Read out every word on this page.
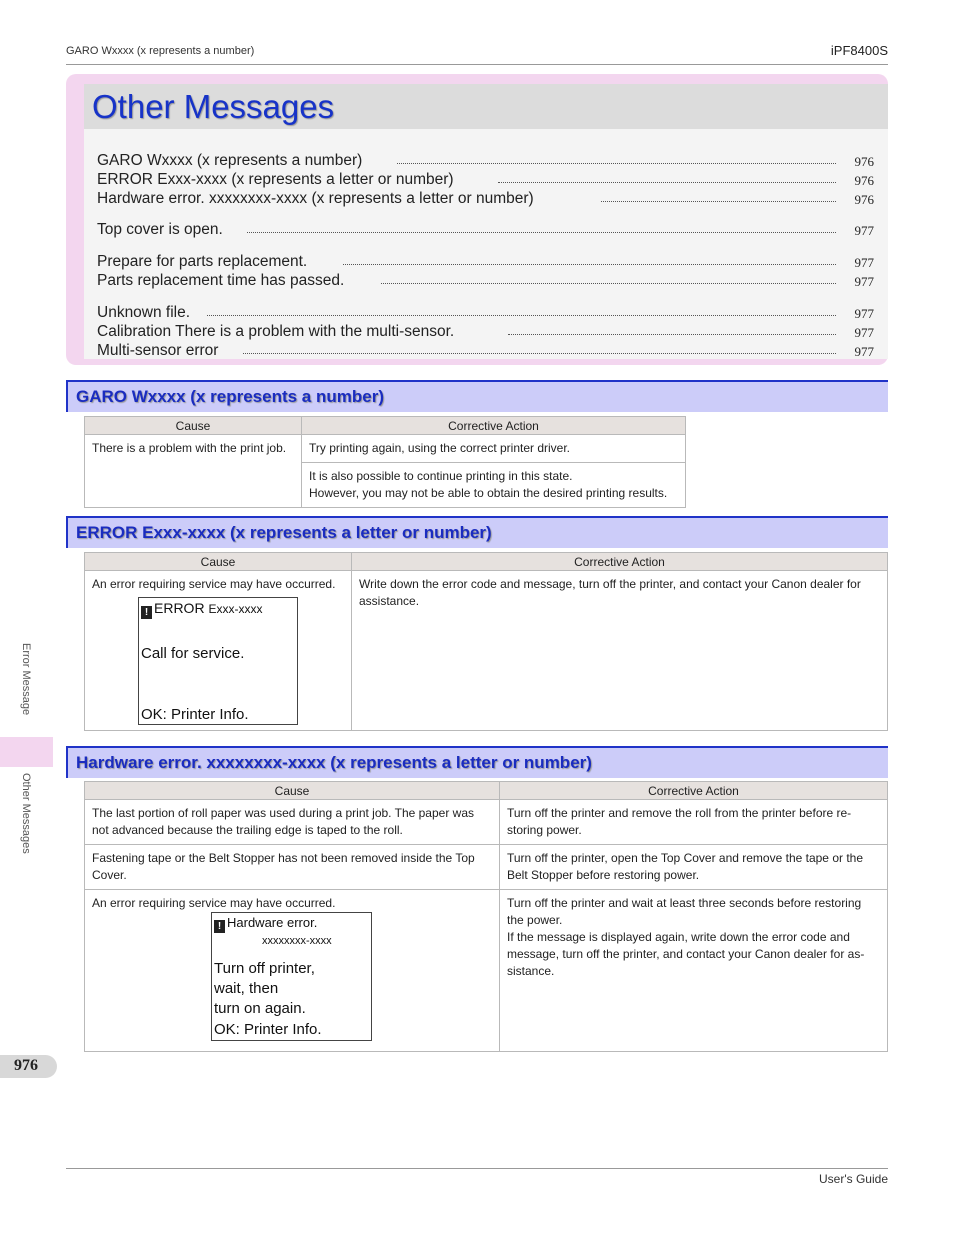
GARO Wxxxx (x represents a number)	iPF8400S
Other Messages
GARO Wxxxx (x represents a number)	976
ERROR Exxx-xxxx (x represents a letter or number)	976
Hardware error. xxxxxxxx-xxxx (x represents a letter or number)	976
Top cover is open.	977
Prepare for parts replacement.	977
Parts replacement time has passed.	977
Unknown file.	977
Calibration There is a problem with the multi-sensor.	977
Multi-sensor error	977
GARO Wxxxx (x represents a number)
Cause	Corrective Action
There is a problem with the print job.	Try printing again, using the correct printer driver.

	It is also possible to continue printing in this state.
However, you may not be able to obtain the desired printing results.
ERROR Exxx-xxxx (x represents a letter or number)
Cause	Corrective Action

An error requiring service may have occurred.	Write down the error code and message, turn off the printer, and contact your Canon dealer for assistance.
! ERROR Exxx-xxxx
Call for service.
OK: Printer Info.
Hardware error. xxxxxxxx-xxxx (x represents a letter or number)
Cause	Corrective Action
The last portion of roll paper was used during a print job. The paper was not advanced because the trailing edge is taped to the roll.	Turn off the printer and remove the roll from the printer before re-storing power.
Fastening tape or the Belt Stopper has not been removed inside the Top Cover.	Turn off the printer, open the Top Cover and remove the tape or the Belt Stopper before restoring power.

An error requiring service may have occurred.	Turn off the printer and wait at least three seconds before restoring the power.
If the message is displayed again, write down the error code and message, turn off the printer, and contact your Canon dealer for as-sistance.
! Hardware error.
xxxxxxxx-xxxx
Turn off printer,
wait, then
turn on again.
OK: Printer Info.
Error Message
Other Messages
976
User's Guide
